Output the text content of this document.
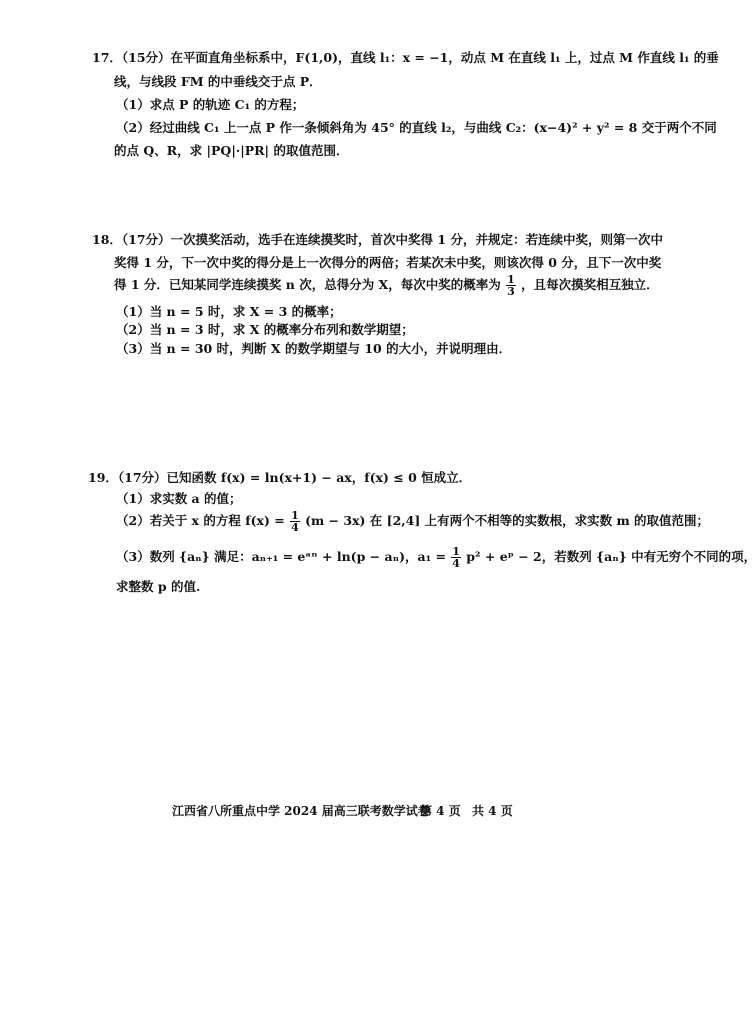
17．（15分）在平面直角坐标系中，F(1,0)，直线 l₁：x = −1，动点 M 在直线 l₁ 上，过点 M 作直线 l₁ 的垂
线，与线段 FM 的中垂线交于点 P．
（1）求点 P 的轨迹 C₁ 的方程；
（2）经过曲线 C₁ 上一点 P 作一条倾斜角为 45° 的直线 l₂，与曲线 C₂：(x−4)² + y² = 8 交于两个不同
的点 Q、R，求 |PQ|·|PR| 的取值范围．
18．（17分）一次摸奖活动，选手在连续摸奖时，首次中奖得 1 分，并规定：若连续中奖，则第一次中
奖得 1 分，下一次中奖的得分是上一次得分的两倍；若某次未中奖，则该次得 0 分，且下一次中奖
得 1 分．已知某同学连续摸奖 n 次，总得分为 X，每次中奖的概率为 $\frac{1}{3}$ ，且每次摸奖相互独立．
（1）当 n = 5 时，求 X = 3 的概率；
（2）当 n = 3 时，求 X 的概率分布列和数学期望；
（3）当 n = 30 时，判断 X 的数学期望与 10 的大小，并说明理由．
19．（17分）已知函数 f(x) = ln(x+1) − ax，f(x) ≤ 0 恒成立．
（1）求实数 a 的值；
（2）若关于 x 的方程 $f(x) = \frac{1}{4} (m - 3x)$ 在 [2,4] 上有两个不相等的实数根，求实数 m 的取值范围；
（3）数列 {aₙ} 满足：aₙ₊₁ = eᵃⁿ + ln(p − aₙ)，$a_1 = \frac{1}{4} p^2$ + eᵖ − 2，若数列 {aₙ} 中有无穷个不同的项，
求整数 p 的值.
江西省八所重点中学 2024 届高三联考数学试卷
第 4 页 共 4 页
